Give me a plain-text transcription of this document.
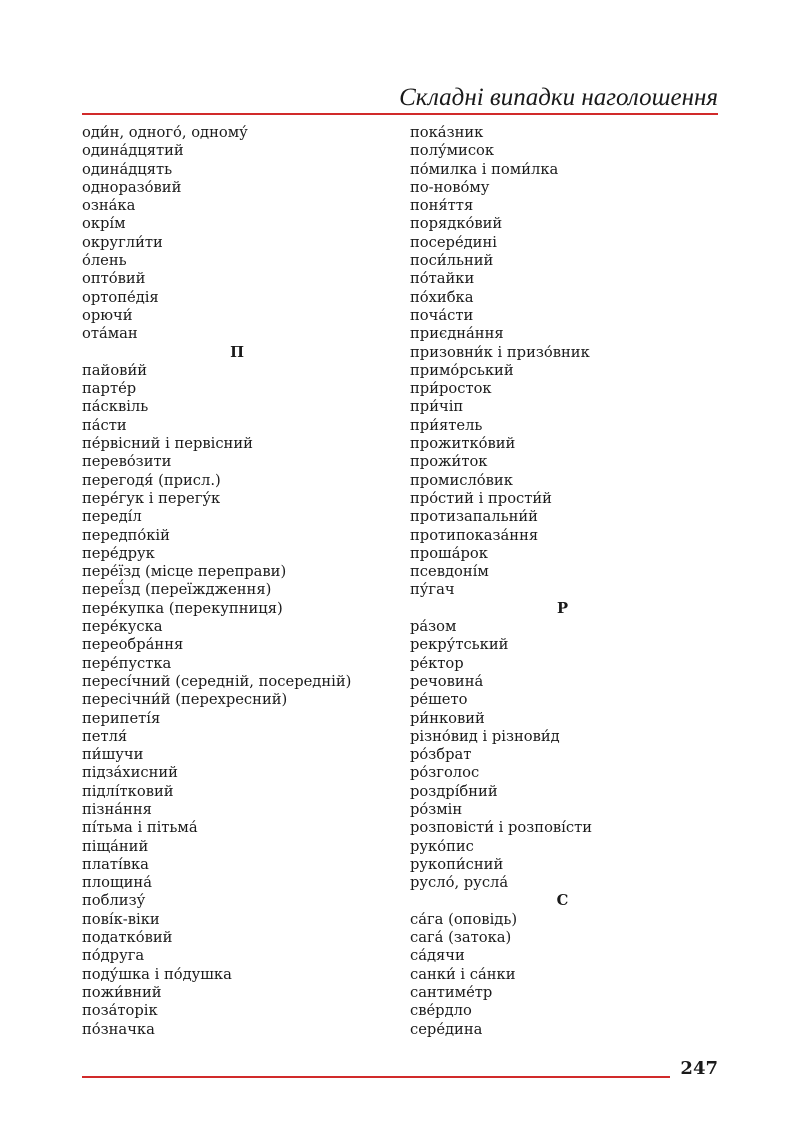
Складні випадки наголошення
оди́н, одного́, одному́
одина́дцятий
одина́дцять
одноразо́вий
озна́ка
окрі́м
округли́ти
о́лень
опто́вий
ортопе́дія
орючи́
ота́ман
П
пайови́й
парте́р
па́сквіль
па́сти
пе́рвісний і первісний
перево́зити
перегодя́ (присл.)
пере́гук і перегу́к
переді́л
передпо́кій
пере́друк
пере́їзд (місце переправи)
переї́зд (переїждження)
пере́купка (перекупниця)
пере́куска
переобра́ння
пере́пустка
пересі́чний (середній, посередній)
пересічни́й (перехресний)
перипеті́я
петля́
пи́шучи
підза́хисний
підлі́тковий
пізна́ння
пі́тьма і пітьма́
піща́ний
платі́вка
площина́
поблизу́
пові́к-віки
податко́вий
по́друга
поду́шка і по́душка
пожи́вний
поза́торік
по́значка
пока́зник
полу́мисок
по́милка і поми́лка
по-ново́му
поня́ття
порядко́вий
посере́дині
поси́льний
по́тайки
по́хибка
поча́сти
приєдна́ння
призовни́к і призо́вник
примо́рський
при́росток
при́чіп
при́ятель
прожитко́вий
прожи́ток
промисло́вик
про́стий і прости́й
протизапальни́й
протипоказа́ння
проша́рок
псевдоні́м
пу́гач
Р
ра́зом
рекру́тський
ре́ктор
речовина́
ре́шето
ри́нковий
різно́вид і різнови́д
ро́збрат
ро́зголос
роздрі́бний
ро́змін
розповісти́ і розпові́сти
руко́пис
рукопи́сний
русло́, русла́
С
са́га (оповідь)
сага́ (затока)
са́дячи
санки́ і са́нки
сантиме́тр
све́рдло
сере́дина
247
